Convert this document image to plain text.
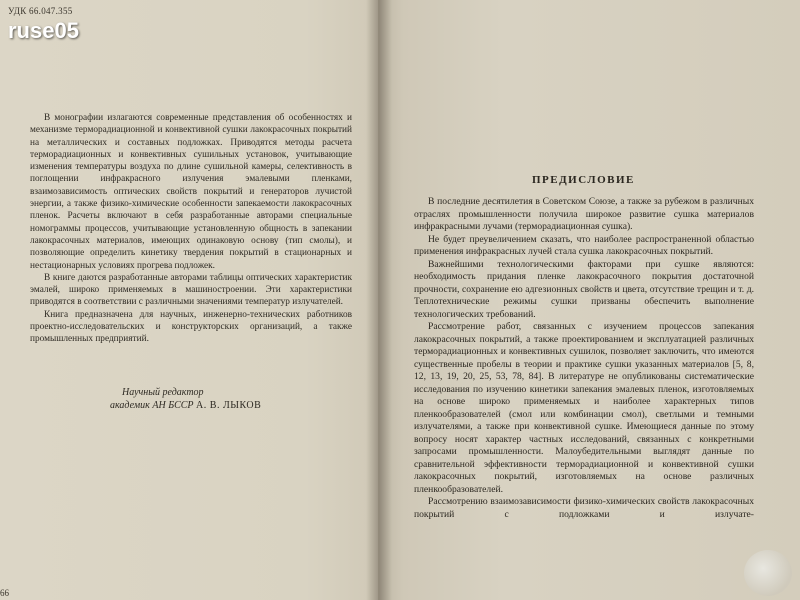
УДК 66.047.355
ruse05

В монографии излагаются современные представления об особенностях и механизме терморадиационной и конвективной сушки лакокрасочных покрытий на металлических и составных подложках. Приводятся методы расчета терморадиационных и конвективных сушильных установок, учитывающие изменения температуры воздуха по длине сушильной камеры, селективность в поглощении инфракрасного излучения эмалевыми пленками, взаимозависимость оптических свойств покрытий и генераторов лучистой энергии, а также физико-химические особенности запекаемости лакокрасочных пленок. Расчеты включают в себя разработанные авторами специальные номограммы процессов, учитывающие установленную общность в запекании лакокрасочных материалов, имеющих одинаковую основу (тип смолы), и позволяющие определить кинетику твердения покрытий в стационарных и нестационарных условиях прогрева подложек.

В книге даются разработанные авторами таблицы оптических характеристик эмалей, широко применяемых в машиностроении. Эти характеристики приводятся в соответствии с различными значениями температур излучателей.

Книга предназначена для научных, инженерно-технических работников проектно-исследовательских и конструкторских организаций, а также промышленных предприятий.

Научный редактор
академик АН БССР А. В. ЛЫКОВ
66
ПРЕДИСЛОВИЕ

В последние десятилетия в Советском Союзе, а также за рубежом в различных отраслях промышленности получила широкое развитие сушка материалов инфракрасными лучами (терморадиационная сушка).

Не будет преувеличением сказать, что наиболее распространенной областью применения инфракрасных лучей стала сушка лакокрасочных покрытий.

Важнейшими технологическими факторами при сушке являются: необходимость придания пленке лакокрасочного покрытия достаточной прочности, сохранение ею адгезионных свойств и цвета, отсутствие трещин и т. д. Теплотехнические режимы сушки призваны обеспечить выполнение технологических требований.

Рассмотрение работ, связанных с изучением процессов запекания лакокрасочных покрытий, а также проектированием и эксплуатацией различных терморадиационных и конвективных сушилок, позволяет заключить, что имеются существенные пробелы в теории и практике сушки указанных материалов [5, 8, 12, 13, 19, 20, 25, 53, 78, 84]. В литературе не опубликованы систематические исследования по изучению кинетики запекания эмалевых пленок, изготовляемых на основе широко применяемых и наиболее характерных типов пленкообразователей (смол или комбинации смол), светлыми и темными излучателями, а также при конвективной сушке. Имеющиеся данные по этому вопросу носят характер частных исследований, связанных с конкретными запросами промышленности. Малоубедительными выглядят данные по сравнительной эффективности терморадиационной и конвективной сушки лакокрасочных покрытий, изготовляемых на основе различных пленкообразователей.

Рассмотрению взаимозависимости физико-химических свойств лакокрасочных покрытий с подложками и излучате-
